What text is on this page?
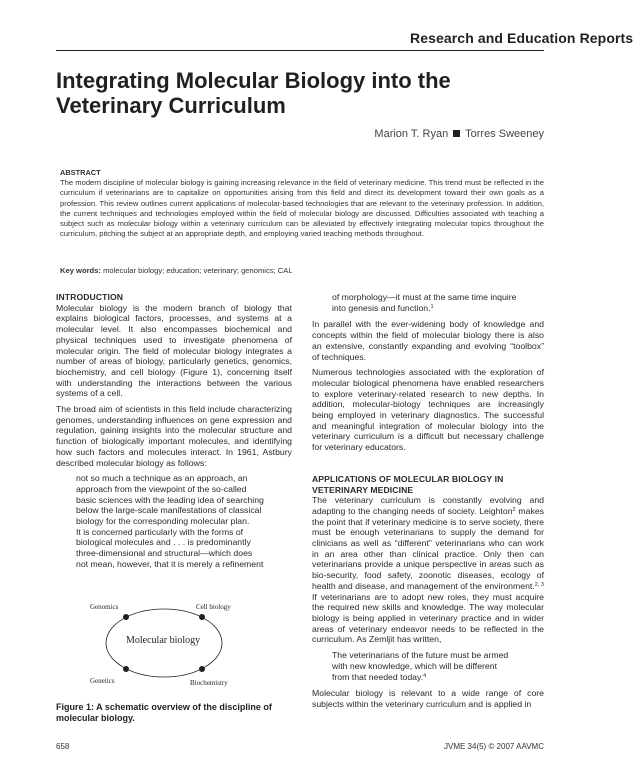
Research and Education Reports
Integrating Molecular Biology into the
Veterinary Curriculum
Marion T. Ryan Torres Sweeney
ABSTRACT
The modern discipline of molecular biology is gaining increasing relevance in the field of veterinary medicine. This trend must be reflected in the curriculum if veterinarians are to capitalize on opportunities arising from this field and direct its development toward their own goals as a profession. This review outlines current applications of molecular-based technologies that are relevant to the veterinary profession. In addition, the current techniques and technologies employed within the field of molecular biology are discussed. Difficulties associated with teaching a subject such as molecular biology within a veterinary curriculum can be alleviated by effectively integrating molecular topics throughout the curriculum, pitching the subject at an appropriate depth, and employing varied teaching methods throughout.
Key words: molecular biology; education; veterinary; genomics; CAL
INTRODUCTION

Molecular biology is the modern branch of biology that explains biological factors, processes, and systems at a molecular level. It also encompasses biochemical and physical techniques used to investigate phenomena of molecular origin. The field of molecular biology integrates a number of areas of biology, particularly genetics, genomics, biochemistry, and cell biology (Figure 1), concerning itself with understanding the interactions between the various systems of a cell.

The broad aim of scientists in this field include characterizing genomes, understanding influences on gene expression and regulation, gaining insights into the molecular structure and function of biologically important molecules, and identifying how such factors and molecules interact. In 1961, Astbury described molecular biology as follows:

not so much a technique as an approach, an

approach from the viewpoint of the so-called

basic sciences with the leading idea of searching

below the large-scale manifestations of classical

biology for the corresponding molecular plan.

It is concerned particularly with the forms of

biological molecules and . . . is predominantly

three-dimensional and structural—which does

not mean, however, that it is merely a refinement

Genomics	Cell biology
Genetics	Biochemistry
Molecular biology
Figure 1: A schematic overview of the discipline of molecular biology.

of morphology—it must at the same time inquire

into genesis and function.$^1$

In parallel with the ever-widening body of knowledge and concepts within the field of molecular biology there is also an extensive, constantly expanding and evolving “toolbox” of techniques.

Numerous technologies associated with the exploration of molecular biological phenomena have enabled researchers to explore veterinary-related research to new depths. In addition, molecular-biology techniques are increasingly being employed in veterinary diagnostics. The successful and meaningful integration of molecular biology into the veterinary curriculum is a difficult but necessary challenge for veterinary educators.

APPLICATIONS OF MOLECULAR BIOLOGY IN
VETERINARY MEDICINE

The veterinary curriculum is constantly evolving and adapting to the changing needs of society. Leighton$^2$ makes the point that if veterinary medicine is to serve society, there must be enough veterinarians to supply the demand for clinicians as well as “different” veterinarians who can work in an area other than clinical practice. Only then can veterinarians provide a unique perspective in areas such as bio-security, food safety, zoonotic diseases, ecology of health and disease, and management of the environment.$^{2, 3}$ If veterinarians are to adopt new roles, they must acquire the required new skills and knowledge. The way molecular biology is being applied in veterinary practice and in wider areas of veterinary endeavor needs to be reflected in the curriculum. As Zemljit has written,

The veterinarians of the future must be armed

with new knowledge, which will be different

from that needed today.$^4$

Molecular biology is relevant to a wide range of core subjects within the veterinary curriculum and is applied in

658	JVME 34(5) © 2007 AAVMC
